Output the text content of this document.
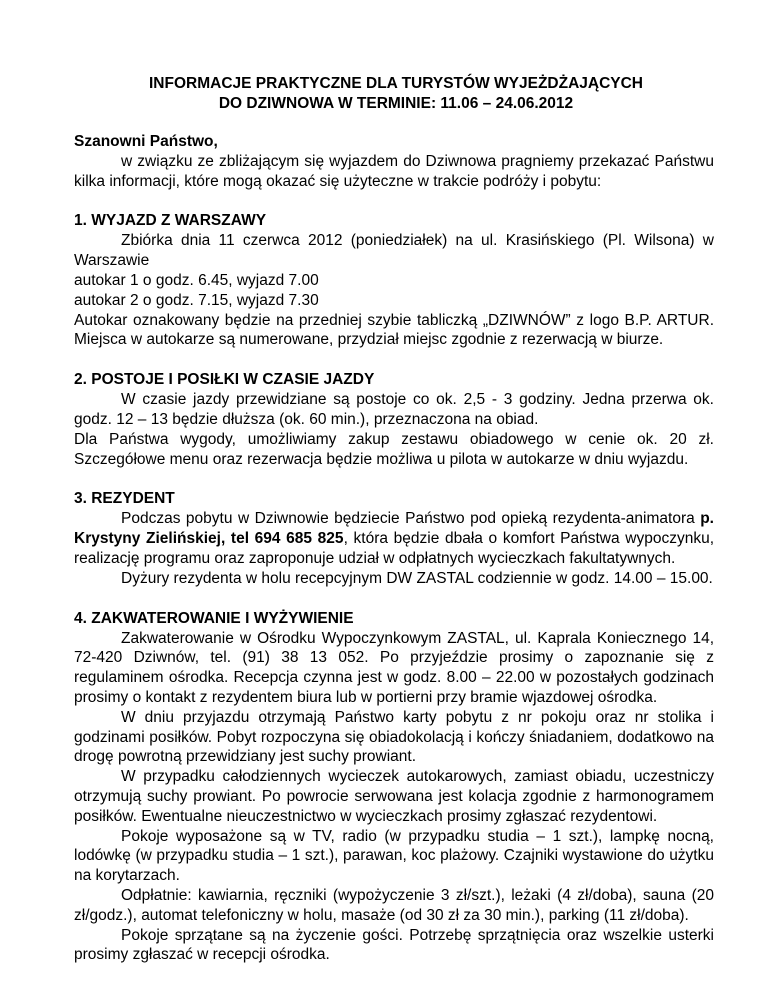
INFORMACJE PRAKTYCZNE DLA TURYSTÓW WYJEŻDŻAJĄCYCH
DO DZIWNOWA W TERMINIE: 11.06 – 24.06.2012

Szanowni Państwo,

w związku ze zbliżającym się wyjazdem do Dziwnowa pragniemy przekazać Państwu kilka informacji, które mogą okazać się użyteczne w trakcie podróży i pobytu:

1. WYJAZD Z WARSZAWY

Zbiórka dnia 11 czerwca 2012 (poniedziałek) na ul. Krasińskiego (Pl. Wilsona) w Warszawie

autokar 1 o godz. 6.45, wyjazd 7.00

autokar 2 o godz. 7.15, wyjazd 7.30

Autokar oznakowany będzie na przedniej szybie tabliczką „DZIWNÓW” z logo B.P. ARTUR. Miejsca w autokarze są numerowane, przydział miejsc zgodnie z rezerwacją w biurze.

2. POSTOJE I POSIŁKI W CZASIE JAZDY

W czasie jazdy przewidziane są postoje co ok. 2,5 - 3 godziny. Jedna przerwa ok. godz. 12 – 13 będzie dłuższa (ok. 60 min.), przeznaczona na obiad.

Dla Państwa wygody, umożliwiamy zakup zestawu obiadowego w cenie ok. 20 zł. Szczegółowe menu oraz rezerwacja będzie możliwa u pilota w autokarze w dniu wyjazdu.

3. REZYDENT

Podczas pobytu w Dziwnowie będziecie Państwo pod opieką rezydenta-animatora p. Krystyny Zielińskiej, tel 694 685 825, która będzie dbała o komfort Państwa wypoczynku, realizację programu oraz zaproponuje udział w odpłatnych wycieczkach fakultatywnych.

Dyżury rezydenta w holu recepcyjnym DW ZASTAL codziennie w godz. 14.00 – 15.00.

4. ZAKWATEROWANIE I WYŻYWIENIE

Zakwaterowanie w Ośrodku Wypoczynkowym ZASTAL, ul. Kaprala Koniecznego 14, 72-420 Dziwnów, tel. (91) 38 13 052. Po przyjeździe prosimy o zapoznanie się z regulaminem ośrodka. Recepcja czynna jest w godz. 8.00 – 22.00 w pozostałych godzinach prosimy o kontakt z rezydentem biura lub w portierni przy bramie wjazdowej ośrodka.

W dniu przyjazdu otrzymają Państwo karty pobytu z nr pokoju oraz nr stolika i godzinami posiłków. Pobyt rozpoczyna się obiadokolacją i kończy śniadaniem, dodatkowo na drogę powrotną przewidziany jest suchy prowiant.

W przypadku całodziennych wycieczek autokarowych, zamiast obiadu, uczestniczy otrzymują suchy prowiant. Po powrocie serwowana jest kolacja zgodnie z harmonogramem posiłków. Ewentualne nieuczestnictwo w wycieczkach prosimy zgłaszać rezydentowi.

Pokoje wyposażone są w TV, radio (w przypadku studia – 1 szt.), lampkę nocną, lodówkę (w przypadku studia – 1 szt.), parawan, koc plażowy. Czajniki wystawione do użytku na korytarzach.

Odpłatnie: kawiarnia, ręczniki (wypożyczenie 3 zł/szt.), leżaki (4 zł/doba), sauna (20 zł/godz.), automat telefoniczny w holu, masaże (od 30 zł za 30 min.), parking (11 zł/doba).

Pokoje sprzątane są na życzenie gości. Potrzebę sprzątnięcia oraz wszelkie usterki prosimy zgłaszać w recepcji ośrodka.
